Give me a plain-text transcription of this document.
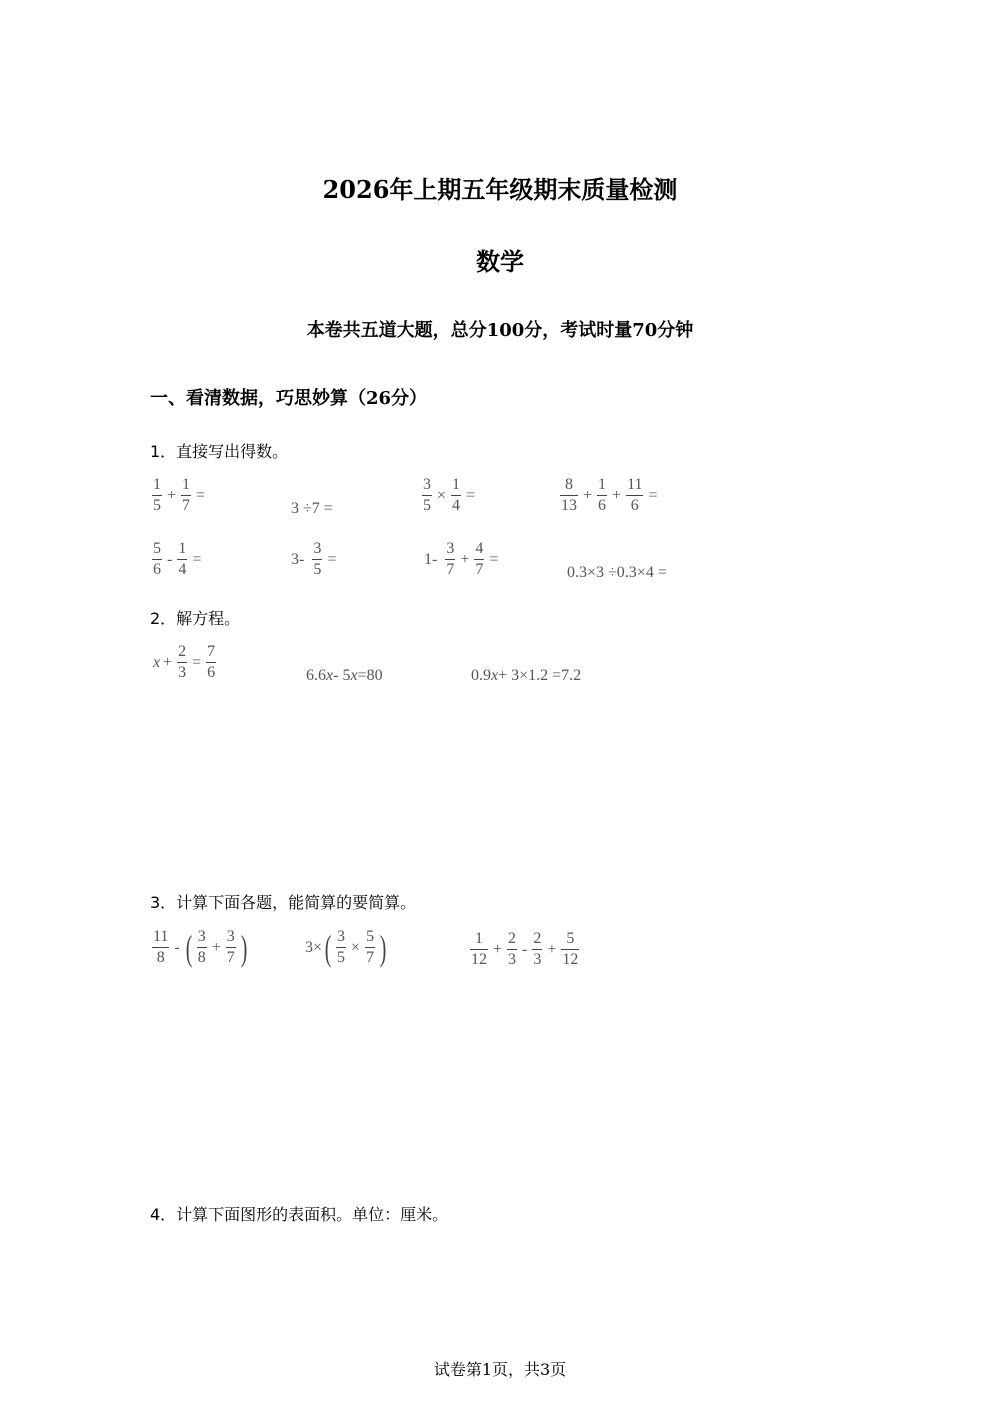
2026年上期五年级期末质量检测
数学
本卷共五道大题，总分100分，考试时量70分钟
一、看清数据，巧思妙算（26分）
1．直接写出得数。
$\frac{1}{5} + \frac{1}{7}$ =
3 ÷7 =	$\frac{3}{5} \times \frac{1}{4}$ =	$\frac{8}{13} + \frac{1}{6} + \frac{11}{6}$ =
$\frac{5}{6} - \frac{1}{4}$ =	$3- \frac{3}{5}$ =	$1- \frac{3}{7} + \frac{4}{7}$ =
0.3×3 ÷0.3×4 =
2．解方程。
$x + \frac{2}{3} = \frac{7}{6}$	6.6 x - 5 x =80	0.9 x + 3×1.2 =7.2
3．计算下面各题，能简算的要简算。
$\frac{11}{8}$ - ( $\frac{3}{8} + \frac{3}{7}$ )	3× ( $\frac{3}{5} \times \frac{5}{7}$ )	$\frac{1}{12} + \frac{2}{3} - \frac{2}{3} + \frac{5}{12}$
4．计算下面图形的表面积。单位：厘米。
试卷第1页，共3页
